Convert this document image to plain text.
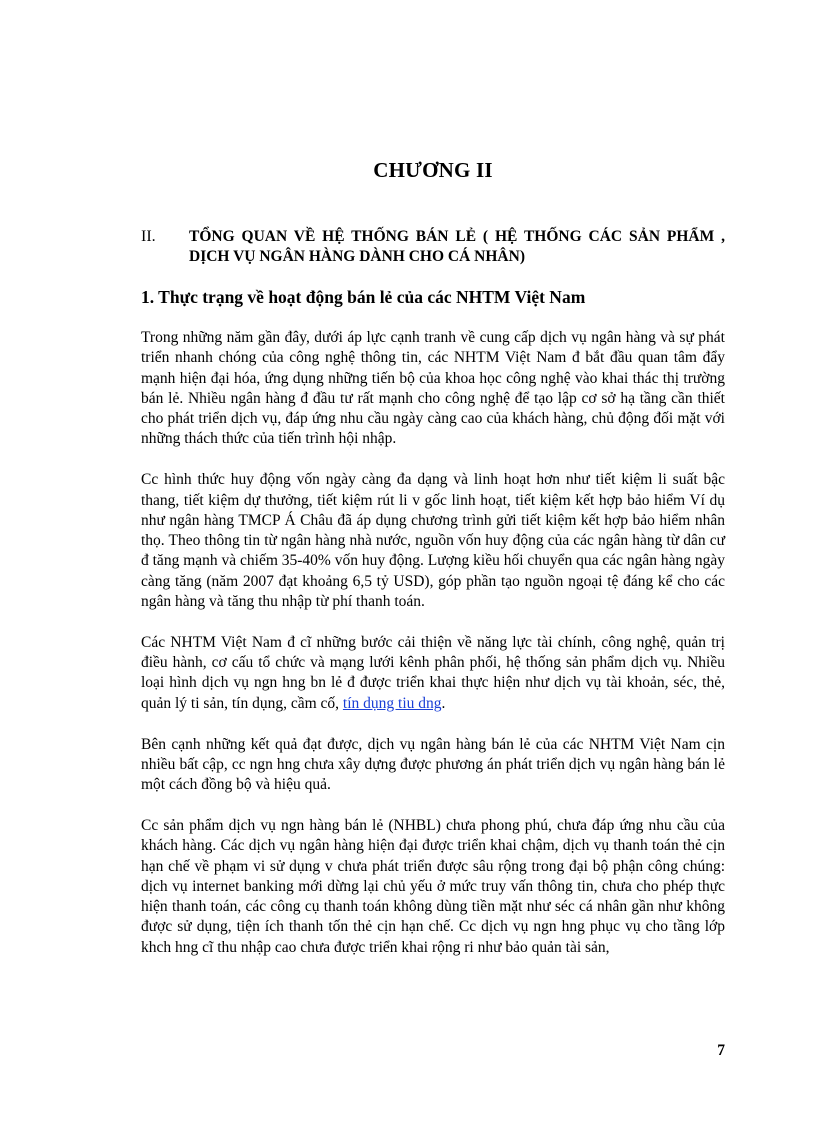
CHƯƠNG II
II. TỔNG QUAN VỀ HỆ THỐNG BÁN LẺ ( HỆ THỐNG CÁC SẢN PHẨM , DỊCH VỤ NGÂN HÀNG DÀNH CHO CÁ NHÂN)
1. Thực trạng về hoạt động bán lẻ của các NHTM Việt Nam

Trong những năm gần đây, dưới áp lực cạnh tranh về cung cấp dịch vụ ngân hàng và sự phát triển nhanh chóng của công nghệ thông tin, các NHTM Việt Nam đ bắt đầu quan tâm đẩy mạnh hiện đại hóa, ứng dụng những tiến bộ của khoa học công nghệ vào khai thác thị trường bán lẻ. Nhiều ngân hàng đ đầu tư rất mạnh cho công nghệ để tạo lập cơ sở hạ tầng cần thiết cho phát triển dịch vụ, đáp ứng nhu cầu ngày càng cao của khách hàng, chủ động đối mặt với những thách thức của tiến trình hội nhập.

Cc hình thức huy động vốn ngày càng đa dạng và linh hoạt hơn như tiết kiệm li suất bậc thang, tiết kiệm dự thưởng, tiết kiệm rút li v gốc linh hoạt, tiết kiệm kết hợp bảo hiểm Ví dụ như ngân hàng TMCP Á Châu đã áp dụng chương trình gửi tiết kiệm kết hợp bảo hiểm nhân thọ. Theo thông tin từ ngân hàng nhà nước, nguồn vốn huy động của các ngân hàng từ dân cư đ tăng mạnh và chiếm 35-40% vốn huy động. Lượng kiều hối chuyển qua các ngân hàng ngày càng tăng (năm 2007 đạt khoảng 6,5 tỷ USD), góp phần tạo nguồn ngoại tệ đáng kể cho các ngân hàng và tăng thu nhập từ phí thanh toán.

Các NHTM Việt Nam đ cĩ những bước cải thiện về năng lực tài chính, công nghệ, quản trị điều hành, cơ cấu tổ chức và mạng lưới kênh phân phối, hệ thống sản phẩm dịch vụ. Nhiều loại hình dịch vụ ngn hng bn lẻ đ được triển khai thực hiện như dịch vụ tài khoản, séc, thẻ, quản lý ti sản, tín dụng, cầm cố, tín dụng tiu dng.

Bên cạnh những kết quả đạt được, dịch vụ ngân hàng bán lẻ của các NHTM Việt Nam cịn nhiều bất cập, cc ngn hng chưa xây dựng được phương án phát triển dịch vụ ngân hàng bán lẻ một cách đồng bộ và hiệu quả.

Cc sản phẩm dịch vụ ngn hàng bán lẻ (NHBL) chưa phong phú, chưa đáp ứng nhu cầu của khách hàng. Các dịch vụ ngân hàng hiện đại được triển khai chậm, dịch vụ thanh toán thẻ cịn hạn chế về phạm vi sử dụng v chưa phát triển được sâu rộng trong đại bộ phận công chúng: dịch vụ internet banking mới dừng lại chủ yếu ở mức truy vấn thông tin, chưa cho phép thực hiện thanh toán, các công cụ thanh toán không dùng tiền mặt như séc cá nhân gần như không được sử dụng, tiện ích thanh tốn thẻ cịn hạn chế. Cc dịch vụ ngn hng phục vụ cho tầng lớp khch hng cĩ thu nhập cao chưa được triển khai rộng ri như bảo quản tài sản,

7
